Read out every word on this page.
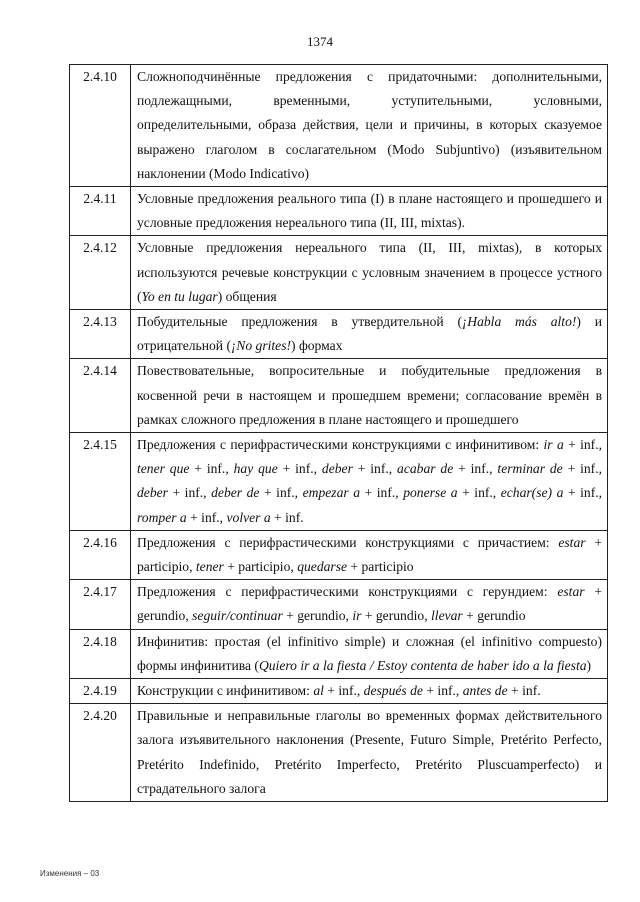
1374
2.4.10	Сложноподчинённые предложения с придаточными: дополнительными, подлежащными, временными, уступительными, условными, определительными, образа действия, цели и причины, в которых сказуемое выражено глаголом в сослагательном (Modo Subjuntivo) (изъявительном наклонении (Modo Indicativo)
2.4.11	Условные предложения реального типа (I) в плане настоящего и прошедшего и условные предложения нереального типа (II, III, mixtas).
2.4.12	Условные предложения нереального типа (II, III, mixtas), в которых используются речевые конструкции с условным значением в процессе устного (Yo en tu lugar) общения
2.4.13	Побудительные предложения в утвердительной (¡Habla más alto!) и отрицательной (¡No grites!) формах
2.4.14	Повествовательные, вопросительные и побудительные предложения в косвенной речи в настоящем и прошедшем времени; согласование времён в рамках сложного предложения в плане настоящего и прошедшего
2.4.15	Предложения с перифрастическими конструкциями с инфинитивом: ir a + inf., tener que + inf., hay que + inf., deber + inf., acabar de + inf., terminar de + inf., deber + inf., deber de + inf., empezar a + inf., ponerse a + inf., echar(se) a + inf., romper a + inf., volver a + inf.
2.4.16	Предложения с перифрастическими конструкциями с причастием: estar + participio, tener + participio, quedarse + participio
2.4.17	Предложения с перифрастическими конструкциями с герундием: estar + gerundio, seguir/continuar + gerundio, ir + gerundio, llevar + gerundio
2.4.18	Инфинитив: простая (el infinitivo simple) и сложная (el infinitivo compuesto) формы инфинитива (Quiero ir a la fiesta / Estoy contenta de haber ido a la fiesta)
2.4.19	Конструкции с инфинитивом: al + inf., después de + inf., antes de + inf.
2.4.20	Правильные и неправильные глаголы во временных формах действительного залога изъявительного наклонения (Presente, Futuro Simple, Pretérito Perfecto, Pretérito Indefinido, Pretérito Imperfecto, Pretérito Pluscuamperfecto) и страдательного залога
Изменения – 03
